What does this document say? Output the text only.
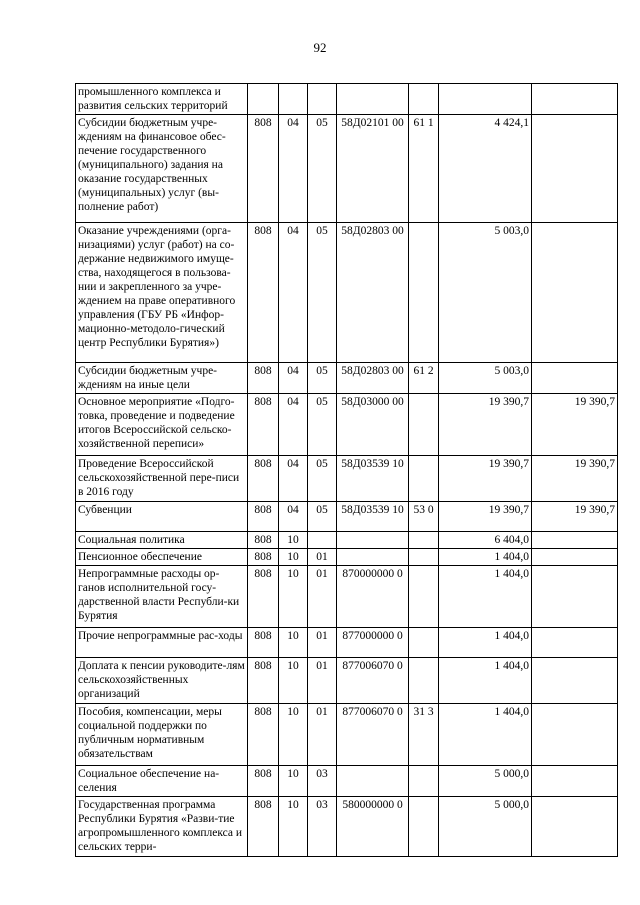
92
промышленного комплекса и развития сельских территорий							
Субсидии бюджетным учре-ждениям на финансовое обес-печение государственного (муниципального) задания на оказание государственных (муниципальных) услуг (вы-полнение работ)	808	04	05	58Д02101 00	61 1	4 424,1	
Оказание учреждениями (орга-низациями) услуг (работ) на со-держание недвижимого имуще-ства, находящегося в пользова-нии и закрепленного за учре-ждением на праве оперативного управления (ГБУ РБ «Инфор-мационно-методоло-гический центр Республики Бурятия»)	808	04	05	58Д02803 00		5 003,0	
Субсидии бюджетным учре-ждениям на иные цели	808	04	05	58Д02803 00	61 2	5 003,0	
Основное мероприятие «Подго-товка, проведение и подведение итогов Всероссийской сельско-хозяйственной переписи»	808	04	05	58Д03000 00		19 390,7	19 390,7
Проведение Всероссийской сельскохозяйственной пере-писи в 2016 году	808	04	05	58Д03539 10		19 390,7	19 390,7
Субвенции	808	04	05	58Д03539 10	53 0	19 390,7	19 390,7
Социальная политика	808	10				6 404,0	
Пенсионное обеспечение	808	10	01			1 404,0	
Непрограммные расходы ор-ганов исполнительной госу-дарственной власти Республи-ки Бурятия	808	10	01	870000000 0		1 404,0	
Прочие непрограммные рас-ходы	808	10	01	877000000 0		1 404,0	
Доплата к пенсии руководите-лям сельскохозяйственных организаций	808	10	01	877006070 0		1 404,0	
Пособия, компенсации, меры социальной поддержки по публичным нормативным обязательствам	808	10	01	877006070 0	31 3	1 404,0	
Социальное обеспечение на-селения	808	10	03			5 000,0	
Государственная программа Республики Бурятия «Разви-тие агропромышленного комплекса и сельских терри-	808	10	03	580000000 0		5 000,0	
